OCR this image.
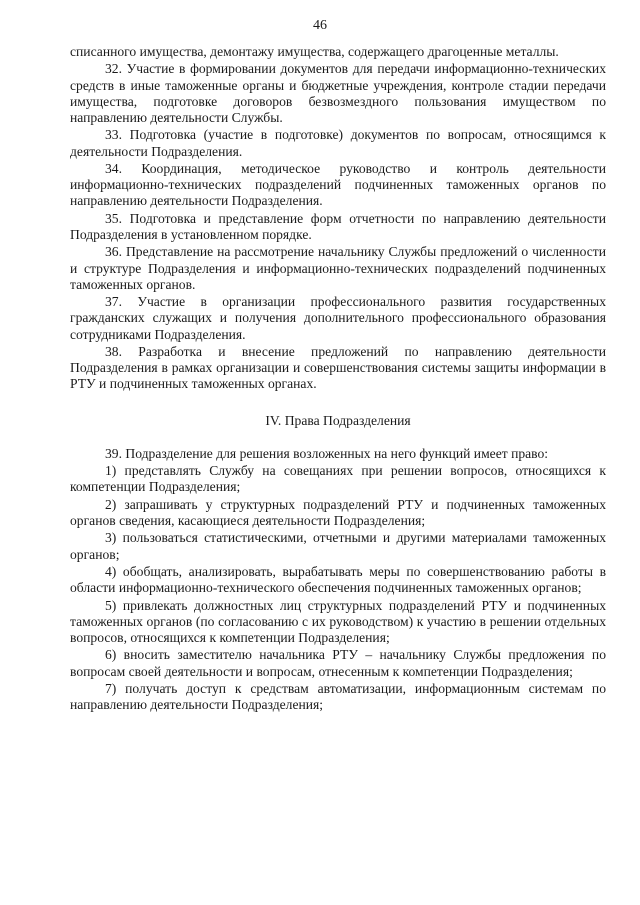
46

списанного имущества, демонтажу имущества, содержащего драгоценные металлы.

32. Участие в формировании документов для передачи информационно-технических средств в иные таможенные органы и бюджетные учреждения, контроле стадии передачи имущества, подготовке договоров безвозмездного пользования имуществом по направлению деятельности Службы.

33. Подготовка (участие в подготовке) документов по вопросам, относящимся к деятельности Подразделения.

34. Координация, методическое руководство и контроль деятельности информационно-технических подразделений подчиненных таможенных органов по направлению деятельности Подразделения.

35. Подготовка и представление форм отчетности по направлению деятельности Подразделения в установленном порядке.

36. Представление на рассмотрение начальнику Службы предложений о численности и структуре Подразделения и информационно-технических подразделений подчиненных таможенных органов.

37. Участие в организации профессионального развития государственных гражданских служащих и получения дополнительного профессионального образования сотрудниками Подразделения.

38. Разработка и внесение предложений по направлению деятельности Подразделения в рамках организации и совершенствования системы защиты информации в РТУ и подчиненных таможенных органах.

IV. Права Подразделения

39. Подразделение для решения возложенных на него функций имеет право:

1) представлять Службу на совещаниях при решении вопросов, относящихся к компетенции Подразделения;

2) запрашивать у структурных подразделений РТУ и подчиненных таможенных органов сведения, касающиеся деятельности Подразделения;

3) пользоваться статистическими, отчетными и другими материалами таможенных органов;

4) обобщать, анализировать, вырабатывать меры по совершенствованию работы в области информационно-технического обеспечения подчиненных таможенных органов;

5) привлекать должностных лиц структурных подразделений РТУ и подчиненных таможенных органов (по согласованию с их руководством) к участию в решении отдельных вопросов, относящихся к компетенции Подразделения;

6) вносить заместителю начальника РТУ – начальнику Службы предложения по вопросам своей деятельности и вопросам, отнесенным к компетенции Подразделения;

7) получать доступ к средствам автоматизации, информационным системам по направлению деятельности Подразделения;
